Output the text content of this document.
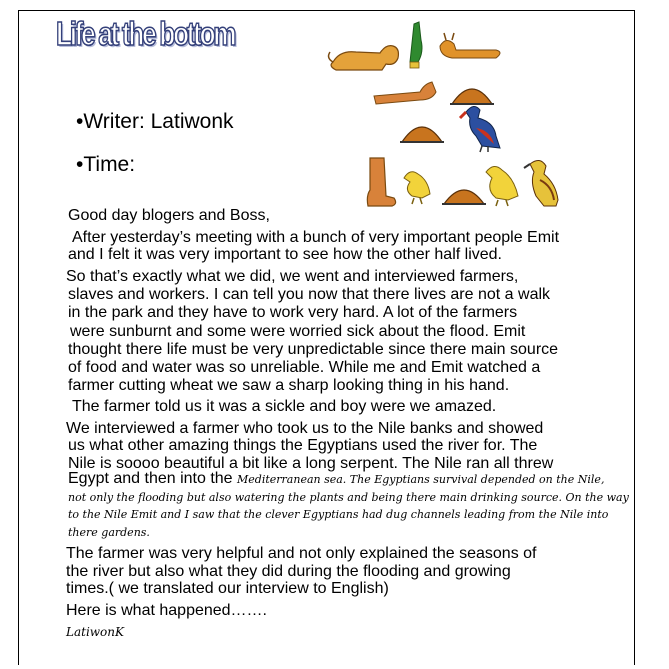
Life at the bottom
•Writer: Latiwonk
•Time:
Good day blogers and Boss,
After yesterday’s meeting with a bunch of very important people Emit
and I felt it was very important to see how the other half lived.
So that’s exactly what we did, we went and interviewed farmers,
slaves and workers. I can tell you now that there lives are not a walk
in the park and they have to work very hard. A lot of the farmers
were sunburnt and some were worried sick about the flood. Emit
thought there life must be very unpredictable since there main source
of food and water was so unreliable. While me and Emit watched a
farmer cutting wheat we saw a sharp looking thing in his hand.
The farmer told us it was a sickle and boy were we amazed.
We interviewed a farmer who took us to the Nile banks and showed
us what other amazing things the Egyptians used the river for. The
Nile is soooo beautiful a bit like a long serpent. The Nile ran all threw
Egypt and then into the Mediterranean sea. The Egyptians survival depended on the Nile,
not only the flooding but also watering the plants and being there main drinking source. On the way
to the Nile Emit and I saw that the clever Egyptians had dug channels leading from the Nile into
there gardens.
The farmer was very helpful and not only explained the seasons of
the river but also what they did during the flooding and growing
times.( we translated our interview to English)
Here is what happened…….
LatiwonK
